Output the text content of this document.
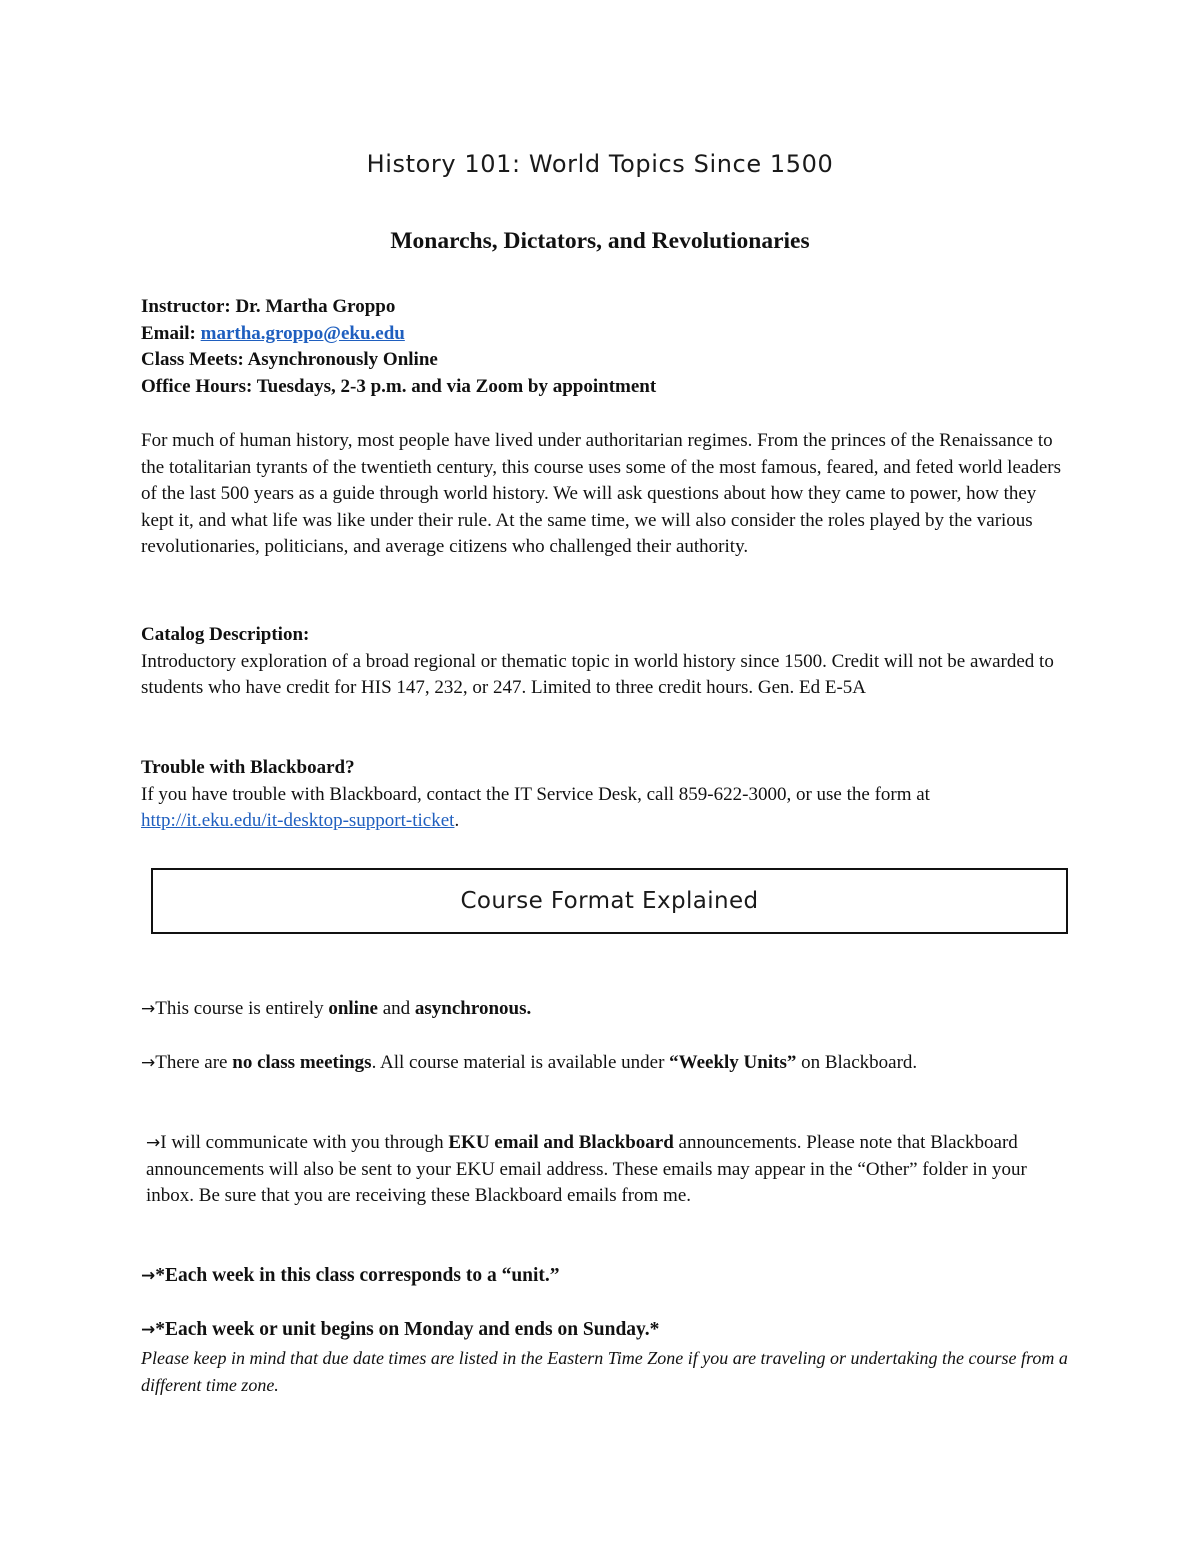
History 101: World Topics Since 1500
Monarchs, Dictators, and Revolutionaries
Instructor: Dr. Martha Groppo
Email: martha.groppo@eku.edu
Class Meets: Asynchronously Online
Office Hours: Tuesdays, 2-3 p.m. and via Zoom by appointment
For much of human history, most people have lived under authoritarian regimes. From the princes of the Renaissance to the totalitarian tyrants of the twentieth century, this course uses some of the most famous, feared, and feted world leaders of the last 500 years as a guide through world history. We will ask questions about how they came to power, how they kept it, and what life was like under their rule. At the same time, we will also consider the roles played by the various revolutionaries, politicians, and average citizens who challenged their authority.
Catalog Description:
Introductory exploration of a broad regional or thematic topic in world history since 1500. Credit will not be awarded to students who have credit for HIS 147, 232, or 247. Limited to three credit hours. Gen. Ed E-5A
Trouble with Blackboard?
If you have trouble with Blackboard, contact the IT Service Desk, call 859-622-3000, or use the form at http://it.eku.edu/it-desktop-support-ticket.
Course Format Explained
→This course is entirely online and asynchronous.
→There are no class meetings. All course material is available under “Weekly Units” on Blackboard.
→I will communicate with you through EKU email and Blackboard announcements. Please note that Blackboard announcements will also be sent to your EKU email address. These emails may appear in the “Other” folder in your inbox. Be sure that you are receiving these Blackboard emails from me.
→*Each week in this class corresponds to a “unit.”
→*Each week or unit begins on Monday and ends on Sunday.*
Please keep in mind that due date times are listed in the Eastern Time Zone if you are traveling or undertaking the course from a different time zone.
